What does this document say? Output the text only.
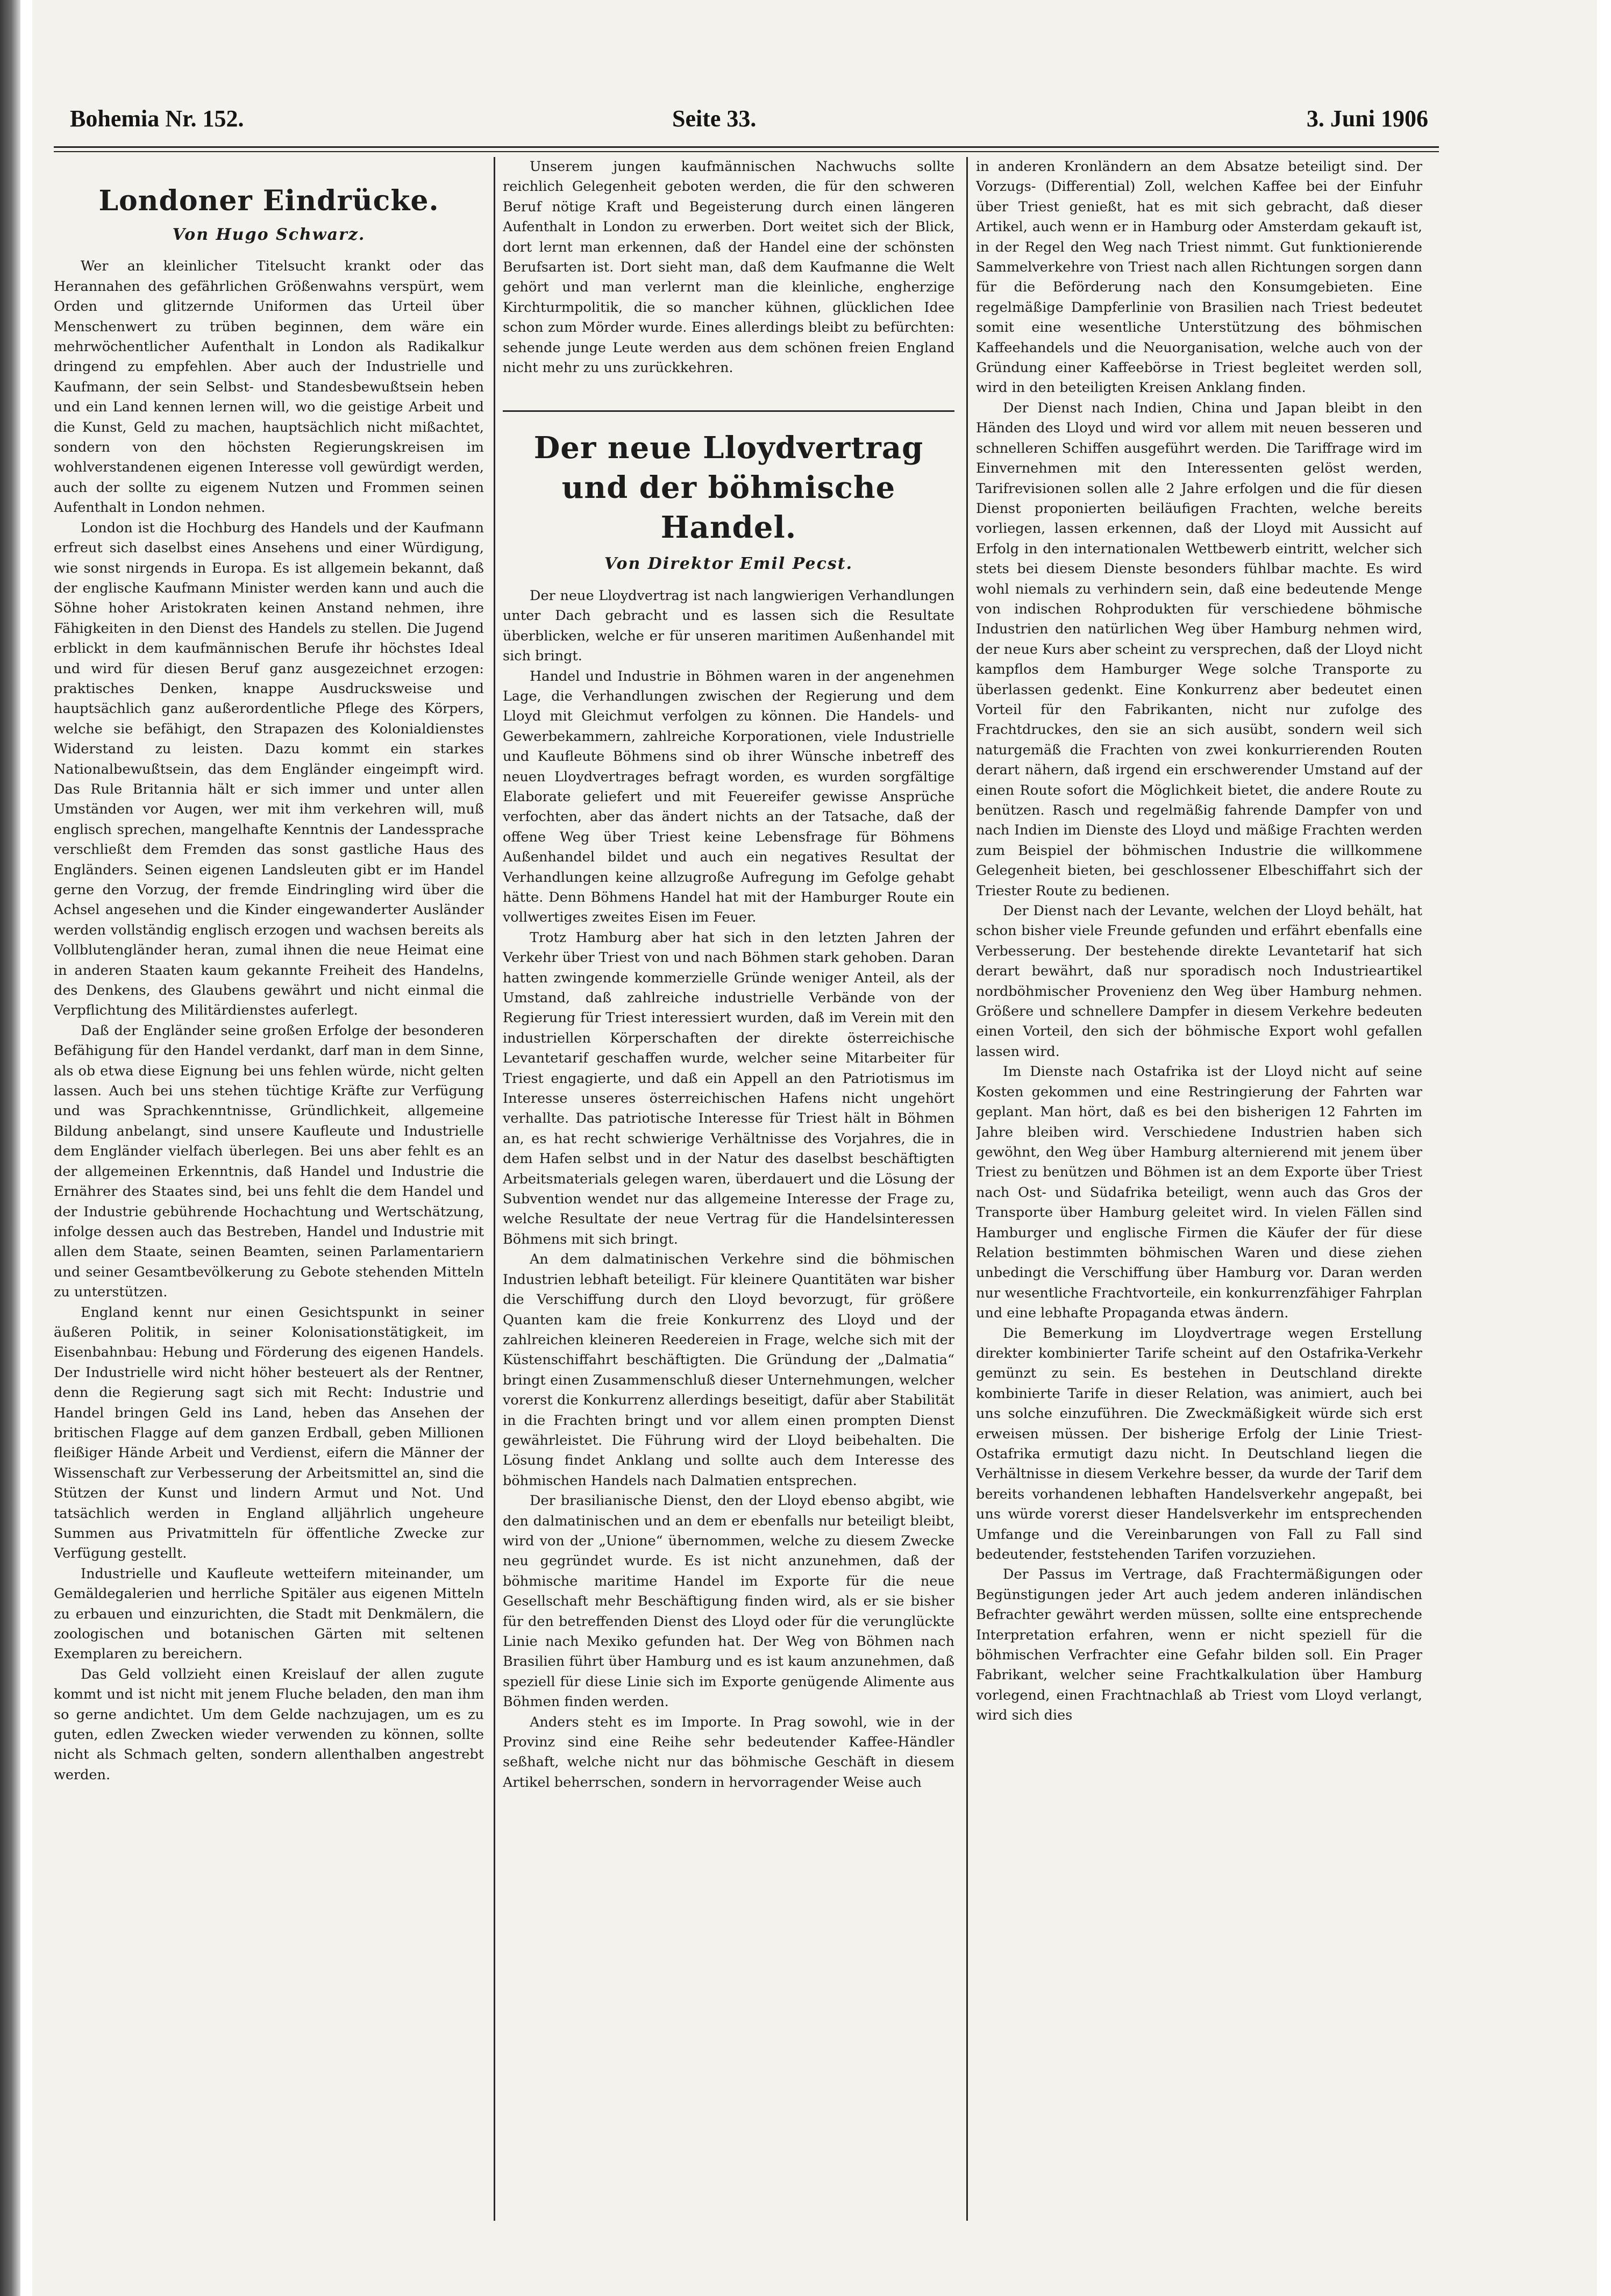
Bohemia Nr. 152.	Seite 33.	3. Juni 1906
Londoner Eindrücke.
Von Hugo Schwarz.

Wer an kleinlicher Titelsucht krankt oder das Herannahen des gefährlichen Größenwahns verspürt, wem Orden und glitzernde Uniformen das Urteil über Menschenwert zu trüben beginnen, dem wäre ein mehrwöchentlicher Aufenthalt in London als Radikalkur dringend zu empfehlen. Aber auch der Industrielle und Kaufmann, der sein Selbst- und Standesbewußtsein heben und ein Land kennen lernen will, wo die geistige Arbeit und die Kunst, Geld zu machen, hauptsächlich nicht mißachtet, sondern von den höchsten Regierungskreisen im wohlverstandenen eigenen Interesse voll gewürdigt werden, auch der sollte zu eigenem Nutzen und Frommen seinen Aufenthalt in London nehmen.

London ist die Hochburg des Handels und der Kaufmann erfreut sich daselbst eines Ansehens und einer Würdigung, wie sonst nirgends in Europa. Es ist allgemein bekannt, daß der englische Kaufmann Minister werden kann und auch die Söhne hoher Aristokraten keinen Anstand nehmen, ihre Fähigkeiten in den Dienst des Handels zu stellen. Die Jugend erblickt in dem kaufmännischen Berufe ihr höchstes Ideal und wird für diesen Beruf ganz ausgezeichnet erzogen: praktisches Denken, knappe Ausdrucksweise und hauptsächlich ganz außerordentliche Pflege des Körpers, welche sie befähigt, den Strapazen des Kolonialdienstes Widerstand zu leisten. Dazu kommt ein starkes Nationalbewußtsein, das dem Engländer eingeimpft wird. Das Rule Britannia hält er sich immer und unter allen Umständen vor Augen, wer mit ihm verkehren will, muß englisch sprechen, mangelhafte Kenntnis der Landessprache verschließt dem Fremden das sonst gastliche Haus des Engländers. Seinen eigenen Landsleuten gibt er im Handel gerne den Vorzug, der fremde Eindringling wird über die Achsel angesehen und die Kinder eingewanderter Ausländer werden vollständig englisch erzogen und wachsen bereits als Vollblutengländer heran, zumal ihnen die neue Heimat eine in anderen Staaten kaum gekannte Freiheit des Handelns, des Denkens, des Glaubens gewährt und nicht einmal die Verpflichtung des Militärdienstes auferlegt.

Daß der Engländer seine großen Erfolge der besonderen Befähigung für den Handel verdankt, darf man in dem Sinne, als ob etwa diese Eignung bei uns fehlen würde, nicht gelten lassen. Auch bei uns stehen tüchtige Kräfte zur Verfügung und was Sprachkenntnisse, Gründlichkeit, allgemeine Bildung anbelangt, sind unsere Kaufleute und Industrielle dem Engländer vielfach überlegen. Bei uns aber fehlt es an der allgemeinen Erkenntnis, daß Handel und Industrie die Ernährer des Staates sind, bei uns fehlt die dem Handel und der Industrie gebührende Hochachtung und Wertschätzung, infolge dessen auch das Bestreben, Handel und Industrie mit allen dem Staate, seinen Beamten, seinen Parlamentariern und seiner Gesamtbevölkerung zu Gebote stehenden Mitteln zu unterstützen.

England kennt nur einen Gesichtspunkt in seiner äußeren Politik, in seiner Kolonisationstätigkeit, im Eisenbahnbau: Hebung und Förderung des eigenen Handels. Der Industrielle wird nicht höher besteuert als der Rentner, denn die Regierung sagt sich mit Recht: Industrie und Handel bringen Geld ins Land, heben das Ansehen der britischen Flagge auf dem ganzen Erdball, geben Millionen fleißiger Hände Arbeit und Verdienst, eifern die Männer der Wissenschaft zur Verbesserung der Arbeitsmittel an, sind die Stützen der Kunst und lindern Armut und Not. Und tatsächlich werden in England alljährlich ungeheure Summen aus Privatmitteln für öffentliche Zwecke zur Verfügung gestellt.

Industrielle und Kaufleute wetteifern miteinander, um Gemäldegalerien und herrliche Spitäler aus eigenen Mitteln zu erbauen und einzurichten, die Stadt mit Denkmälern, die zoologischen und botanischen Gärten mit seltenen Exemplaren zu bereichern.

Das Geld vollzieht einen Kreislauf der allen zugute kommt und ist nicht mit jenem Fluche beladen, den man ihm so gerne andichtet. Um dem Gelde nachzujagen, um es zu guten, edlen Zwecken wieder verwenden zu können, sollte nicht als Schmach gelten, sondern allenthalben angestrebt werden.

Unserem jungen kaufmännischen Nachwuchs sollte reichlich Gelegenheit geboten werden, die für den schweren Beruf nötige Kraft und Begeisterung durch einen längeren Aufenthalt in London zu erwerben. Dort weitet sich der Blick, dort lernt man erkennen, daß der Handel eine der schönsten Berufsarten ist. Dort sieht man, daß dem Kaufmanne die Welt gehört und man verlernt man die kleinliche, engherzige Kirchturmpolitik, die so mancher kühnen, glücklichen Idee schon zum Mörder wurde. Eines allerdings bleibt zu befürchten: sehende junge Leute werden aus dem schönen freien England nicht mehr zu uns zurückkehren.

Der neue Lloydvertrag und der böhmische Handel.
Von Direktor Emil Pecst.

Der neue Lloydvertrag ist nach langwierigen Verhandlungen unter Dach gebracht und es lassen sich die Resultate überblicken, welche er für unseren maritimen Außenhandel mit sich bringt.

Handel und Industrie in Böhmen waren in der angenehmen Lage, die Verhandlungen zwischen der Regierung und dem Lloyd mit Gleichmut verfolgen zu können. Die Handels- und Gewerbekammern, zahlreiche Korporationen, viele Industrielle und Kaufleute Böhmens sind ob ihrer Wünsche inbetreff des neuen Lloydvertrages befragt worden, es wurden sorgfältige Elaborate geliefert und mit Feuereifer gewisse Ansprüche verfochten, aber das ändert nichts an der Tatsache, daß der offene Weg über Triest keine Lebensfrage für Böhmens Außenhandel bildet und auch ein negatives Resultat der Verhandlungen keine allzugroße Aufregung im Gefolge gehabt hätte. Denn Böhmens Handel hat mit der Hamburger Route ein vollwertiges zweites Eisen im Feuer.

Trotz Hamburg aber hat sich in den letzten Jahren der Verkehr über Triest von und nach Böhmen stark gehoben. Daran hatten zwingende kommerzielle Gründe weniger Anteil, als der Umstand, daß zahlreiche industrielle Verbände von der Regierung für Triest interessiert wurden, daß im Verein mit den industriellen Körperschaften der direkte österreichische Levantetarif geschaffen wurde, welcher seine Mitarbeiter für Triest engagierte, und daß ein Appell an den Patriotismus im Interesse unseres österreichischen Hafens nicht ungehört verhallte. Das patriotische Interesse für Triest hält in Böhmen an, es hat recht schwierige Verhältnisse des Vorjahres, die in dem Hafen selbst und in der Natur des daselbst beschäftigten Arbeitsmaterials gelegen waren, überdauert und die Lösung der Subvention wendet nur das allgemeine Interesse der Frage zu, welche Resultate der neue Vertrag für die Handelsinteressen Böhmens mit sich bringt.

An dem dalmatinischen Verkehre sind die böhmischen Industrien lebhaft beteiligt. Für kleinere Quantitäten war bisher die Verschiffung durch den Lloyd bevorzugt, für größere Quanten kam die freie Konkurrenz des Lloyd und der zahlreichen kleineren Reedereien in Frage, welche sich mit der Küstenschiffahrt beschäftigten. Die Gründung der „Dalmatia“ bringt einen Zusammenschluß dieser Unternehmungen, welcher vorerst die Konkurrenz allerdings beseitigt, dafür aber Stabilität in die Frachten bringt und vor allem einen prompten Dienst gewährleistet. Die Führung wird der Lloyd beibehalten. Die Lösung findet Anklang und sollte auch dem Interesse des böhmischen Handels nach Dalmatien entsprechen.

Der brasilianische Dienst, den der Lloyd ebenso abgibt, wie den dalmatinischen und an dem er ebenfalls nur beteiligt bleibt, wird von der „Unione“ übernommen, welche zu diesem Zwecke neu gegründet wurde. Es ist nicht anzunehmen, daß der böhmische maritime Handel im Exporte für die neue Gesellschaft mehr Beschäftigung finden wird, als er sie bisher für den betreffenden Dienst des Lloyd oder für die verunglückte Linie nach Mexiko gefunden hat. Der Weg von Böhmen nach Brasilien führt über Hamburg und es ist kaum anzunehmen, daß speziell für diese Linie sich im Exporte genügende Alimente aus Böhmen finden werden.

Anders steht es im Importe. In Prag sowohl, wie in der Provinz sind eine Reihe sehr bedeutender Kaffee-Händler seßhaft, welche nicht nur das böhmische Geschäft in diesem Artikel beherrschen, sondern in hervorragender Weise auch

in anderen Kronländern an dem Absatze beteiligt sind. Der Vorzugs- (Differential) Zoll, welchen Kaffee bei der Einfuhr über Triest genießt, hat es mit sich gebracht, daß dieser Artikel, auch wenn er in Hamburg oder Amsterdam gekauft ist, in der Regel den Weg nach Triest nimmt. Gut funktionierende Sammelverkehre von Triest nach allen Richtungen sorgen dann für die Beförderung nach den Konsumgebieten. Eine regelmäßige Dampferlinie von Brasilien nach Triest bedeutet somit eine wesentliche Unterstützung des böhmischen Kaffeehandels und die Neuorganisation, welche auch von der Gründung einer Kaffeebörse in Triest begleitet werden soll, wird in den beteiligten Kreisen Anklang finden.

Der Dienst nach Indien, China und Japan bleibt in den Händen des Lloyd und wird vor allem mit neuen besseren und schnelleren Schiffen ausgeführt werden. Die Tariffrage wird im Einvernehmen mit den Interessenten gelöst werden, Tarifrevisionen sollen alle 2 Jahre erfolgen und die für diesen Dienst proponierten beiläufigen Frachten, welche bereits vorliegen, lassen erkennen, daß der Lloyd mit Aussicht auf Erfolg in den internationalen Wettbewerb eintritt, welcher sich stets bei diesem Dienste besonders fühlbar machte. Es wird wohl niemals zu verhindern sein, daß eine bedeutende Menge von indischen Rohprodukten für verschiedene böhmische Industrien den natürlichen Weg über Hamburg nehmen wird, der neue Kurs aber scheint zu versprechen, daß der Lloyd nicht kampflos dem Hamburger Wege solche Transporte zu überlassen gedenkt. Eine Konkurrenz aber bedeutet einen Vorteil für den Fabrikanten, nicht nur zufolge des Frachtdruckes, den sie an sich ausübt, sondern weil sich naturgemäß die Frachten von zwei konkurrierenden Routen derart nähern, daß irgend ein erschwerender Umstand auf der einen Route sofort die Möglichkeit bietet, die andere Route zu benützen. Rasch und regelmäßig fahrende Dampfer von und nach Indien im Dienste des Lloyd und mäßige Frachten werden zum Beispiel der böhmischen Industrie die willkommene Gelegenheit bieten, bei geschlossener Elbeschiffahrt sich der Triester Route zu bedienen.

Der Dienst nach der Levante, welchen der Lloyd behält, hat schon bisher viele Freunde gefunden und erfährt ebenfalls eine Verbesserung. Der bestehende direkte Levantetarif hat sich derart bewährt, daß nur sporadisch noch Industrieartikel nordböhmischer Provenienz den Weg über Hamburg nehmen. Größere und schnellere Dampfer in diesem Verkehre bedeuten einen Vorteil, den sich der böhmische Export wohl gefallen lassen wird.

Im Dienste nach Ostafrika ist der Lloyd nicht auf seine Kosten gekommen und eine Restringierung der Fahrten war geplant. Man hört, daß es bei den bisherigen 12 Fahrten im Jahre bleiben wird. Verschiedene Industrien haben sich gewöhnt, den Weg über Hamburg alternierend mit jenem über Triest zu benützen und Böhmen ist an dem Exporte über Triest nach Ost- und Südafrika beteiligt, wenn auch das Gros der Transporte über Hamburg geleitet wird. In vielen Fällen sind Hamburger und englische Firmen die Käufer der für diese Relation bestimmten böhmischen Waren und diese ziehen unbedingt die Verschiffung über Hamburg vor. Daran werden nur wesentliche Frachtvorteile, ein konkurrenzfähiger Fahrplan und eine lebhafte Propaganda etwas ändern.

Die Bemerkung im Lloydvertrage wegen Erstellung direkter kombinierter Tarife scheint auf den Ostafrika-Verkehr gemünzt zu sein. Es bestehen in Deutschland direkte kombinierte Tarife in dieser Relation, was animiert, auch bei uns solche einzuführen. Die Zweckmäßigkeit würde sich erst erweisen müssen. Der bisherige Erfolg der Linie Triest-Ostafrika ermutigt dazu nicht. In Deutschland liegen die Verhältnisse in diesem Verkehre besser, da wurde der Tarif dem bereits vorhandenen lebhaften Handelsverkehr angepaßt, bei uns würde vorerst dieser Handelsverkehr im entsprechenden Umfange und die Vereinbarungen von Fall zu Fall sind bedeutender, feststehenden Tarifen vorzuziehen.

Der Passus im Vertrage, daß Frachtermäßigungen oder Begünstigungen jeder Art auch jedem anderen inländischen Befrachter gewährt werden müssen, sollte eine entsprechende Interpretation erfahren, wenn er nicht speziell für die böhmischen Verfrachter eine Gefahr bilden soll. Ein Prager Fabrikant, welcher seine Frachtkalkulation über Hamburg vorlegend, einen Frachtnachlaß ab Triest vom Lloyd verlangt, wird sich dies
